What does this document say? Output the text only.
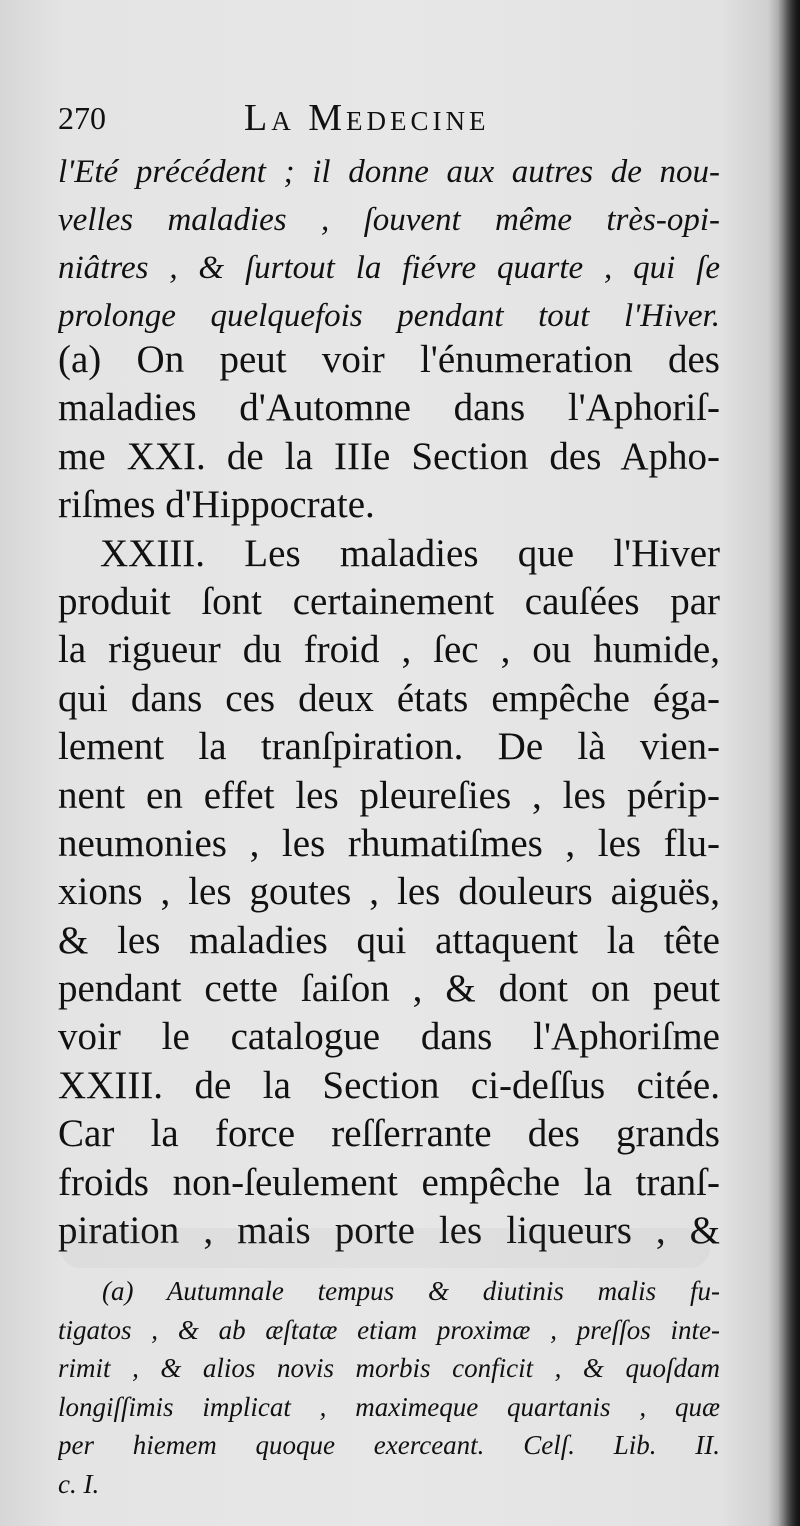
270	La Medecine
l'Eté précédent ; il donne aux autres de nou-
velles maladies , ſouvent même très-opi-
niâtres , & ſurtout la fiévre quarte , qui ſe
prolonge quelquefois pendant tout l'Hiver.
(a) On peut voir l'énumeration des
maladies d'Automne dans l'Aphoriſ-
me XXI. de la IIIe Section des Apho-
riſmes d'Hippocrate.
XXIII. Les maladies que l'Hiver
produit ſont certainement cauſées par
la rigueur du froid , ſec , ou humide,
qui dans ces deux états empêche éga-
lement la tranſpiration. De là vien-
nent en effet les pleureſies , les périp-
neumonies , les rhumatiſmes , les flu-
xions , les goutes , les douleurs aiguës,
& les maladies qui attaquent la tête
pendant cette ſaiſon , & dont on peut
voir le catalogue dans l'Aphoriſme
XXIII. de la Section ci-deſſus citée.
Car la force reſſerrante des grands
froids non-ſeulement empêche la tranſ-
piration , mais porte les liqueurs , &
(a) Autumnale tempus & diutinis malis fu-
tigatos , & ab æſtatæ etiam proximæ , preſſos inte-
rimit , & alios novis morbis conficit , & quoſdam
longiſſimis implicat , maximeque quartanis , quæ
per hiemem quoque exerceant. Celſ. Lib. II.
c. I.
